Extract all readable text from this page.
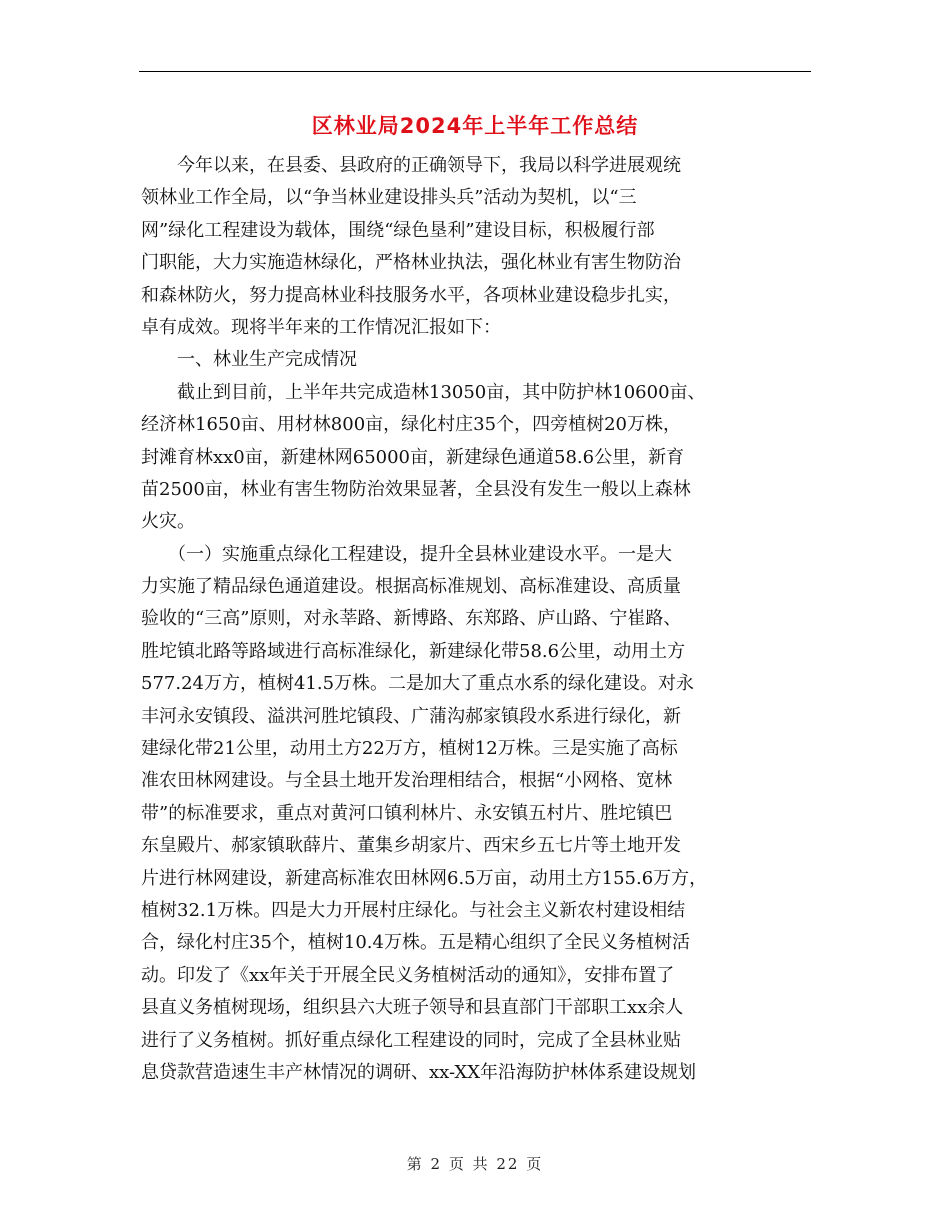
区林业局2024年上半年工作总结
　　今年以来，在县委、县政府的正确领导下，我局以科学进展观统
领林业工作全局，以“争当林业建设排头兵”活动为契机，以“三
网”绿化工程建设为载体，围绕“绿色垦利”建设目标，积极履行部
门职能，大力实施造林绿化，严格林业执法，强化林业有害生物防治
和森林防火，努力提高林业科技服务水平，各项林业建设稳步扎实，
卓有成效。现将半年来的工作情况汇报如下：
　　一、林业生产完成情况
　　截止到目前，上半年共完成造林13050亩，其中防护林10600亩、
经济林1650亩、用材林800亩，绿化村庄35个，四旁植树20万株，
封滩育林xx0亩，新建林网65000亩，新建绿色通道58.6公里，新育
苗2500亩，林业有害生物防治效果显著，全县没有发生一般以上森林
火灾。
　　（一）实施重点绿化工程建设，提升全县林业建设水平。一是大
力实施了精品绿色通道建设。根据高标准规划、高标准建设、高质量
验收的“三高”原则，对永莘路、新博路、东郑路、庐山路、宁崔路、
胜坨镇北路等路域进行高标准绿化，新建绿化带58.6公里，动用土方
577.24万方，植树41.5万株。二是加大了重点水系的绿化建设。对永
丰河永安镇段、溢洪河胜坨镇段、广蒲沟郝家镇段水系进行绿化，新
建绿化带21公里，动用土方22万方，植树12万株。三是实施了高标
准农田林网建设。与全县土地开发治理相结合，根据“小网格、宽林
带”的标准要求，重点对黄河口镇利林片、永安镇五村片、胜坨镇巴
东皇殿片、郝家镇耿薛片、董集乡胡家片、西宋乡五七片等土地开发
片进行林网建设，新建高标准农田林网6.5万亩，动用土方155.6万方，
植树32.1万株。四是大力开展村庄绿化。与社会主义新农村建设相结
合，绿化村庄35个，植树10.4万株。五是精心组织了全民义务植树活
动。印发了《xx年关于开展全民义务植树活动的通知》，安排布置了
县直义务植树现场，组织县六大班子领导和县直部门干部职工xx余人
进行了义务植树。抓好重点绿化工程建设的同时，完成了全县林业贴
息贷款营造速生丰产林情况的调研、xx-XX年沿海防护林体系建设规划
第 2 页 共 22 页
